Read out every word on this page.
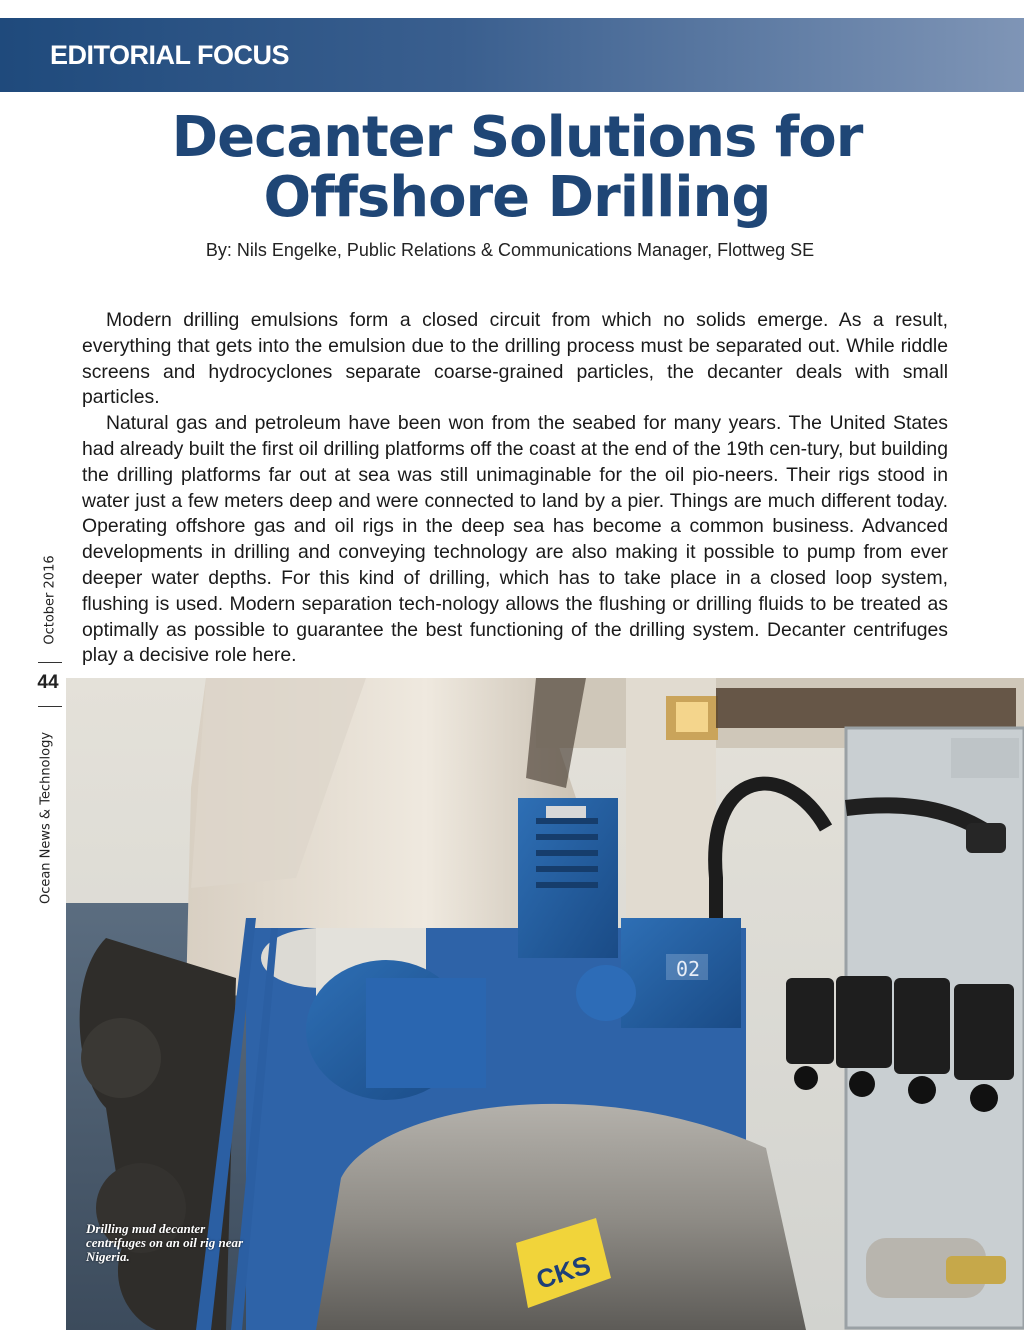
EDITORIAL FOCUS
Decanter Solutions for
Offshore Drilling
By: Nils Engelke, Public Relations & Communications Manager, Flottweg SE

Modern drilling emulsions form a closed circuit from which no solids emerge. As a result, everything that gets into the emulsion due to the drilling process must be separated out. While riddle screens and hydrocyclones separate coarse-grained particles, the decanter deals with small particles.

Natural gas and petroleum have been won from the seabed for many years. The United States had already built the first oil drilling platforms off the coast at the end of the 19th cen-tury, but building the drilling platforms far out at sea was still unimaginable for the oil pio-neers. Their rigs stood in water just a few meters deep and were connected to land by a pier. Things are much different today. Operating offshore gas and oil rigs in the deep sea has become a common business. Advanced developments in drilling and conveying technology are also making it possible to pump from ever deeper water depths. For this kind of drilling, which has to take place in a closed loop system, flushing is used. Modern separation tech-nology allows the flushing or drilling fluids to be treated as optimally as possible to guarantee the best functioning of the drilling system. Decanter centrifuges play a decisive role here.

October 2016
44
Ocean News & Technology
02
CKS
Drilling mud decanter centrifuges on an oil rig near Nigeria.
